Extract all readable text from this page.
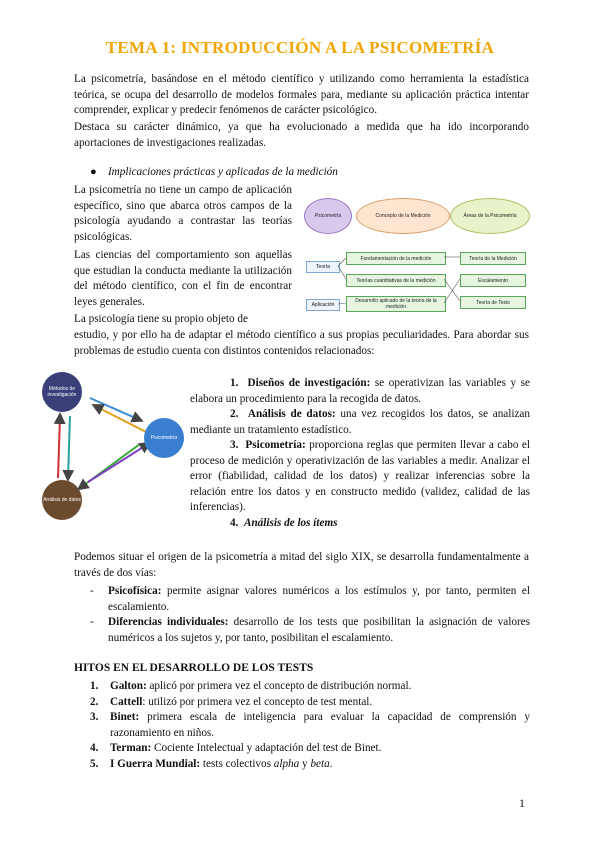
TEMA 1: INTRODUCCIÓN A LA PSICOMETRÍA
La psicometría, basándose en el método científico y utilizando como herramienta la estadística teórica, se ocupa del desarrollo de modelos formales para, mediante su aplicación práctica intentar comprender, explicar y predecir fenómenos de carácter psicológico.
Destaca su carácter dinámico, ya que ha evolucionado a medida que ha ido incorporando aportaciones de investigaciones realizadas.
● Implicaciones prácticas y aplicadas de la medición
La psicometría no tiene un campo de aplicación específico, sino que abarca otros campos de la psicología ayudando a contrastar las teorías psicológicas.
Las ciencias del comportamiento son aquellas que estudian la conducta mediante la utilización del método científico, con el fin de encontrar leyes generales.
La psicología tiene su propio objeto de
estudio, y por ello ha de adaptar el método científico a sus propias peculiaridades. Para abordar sus problemas de estudio cuenta con distintos contenidos relacionados:
Psicometría	Concepto de la Medición	Áreas de la Psicometría
Teoría
Aplicación
Fundamentación de la medición
Teorías cuantitativas de la medición
Desarrollo aplicado de la teoría de la medición
Teoría de la Medición
Escalamiento
Teoría de Tests
Métodos de investigación
Psicometría
Análisis de datos
1. Diseños de investigación: se operativizan las variables y se elabora un procedimiento para la recogida de datos.
2. Análisis de datos: una vez recogidos los datos, se analizan mediante un tratamiento estadístico.
3. Psicometría: proporciona reglas que permiten llevar a cabo el proceso de medición y operativización de las variables a medir. Analizar el error (fiabilidad, calidad de los datos) y realizar inferencias sobre la relación entre los datos y en constructo medido (validez, calidad de las inferencias).
4. Análisis de los ítems
Podemos situar el origen de la psicometría a mitad del siglo XIX, se desarrolla fundamentalmente a través de dos vías:
- Psicofísica: permite asignar valores numéricos a los estímulos y, por tanto, permiten el escalamiento.
- Diferencias individuales: desarrollo de los tests que posibilitan la asignación de valores numéricos a los sujetos y, por tanto, posibilitan el escalamiento.
HITOS EN EL DESARROLLO DE LOS TESTS
1. Galton: aplicó por primera vez el concepto de distribución normal.
2. Cattell: utilizó por primera vez el concepto de test mental.
3. Binet: primera escala de inteligencia para evaluar la capacidad de comprensión y razonamiento en niños.
4. Terman: Cociente Intelectual y adaptación del test de Binet.
5. I Guerra Mundial: tests colectivos alpha y beta.
1
